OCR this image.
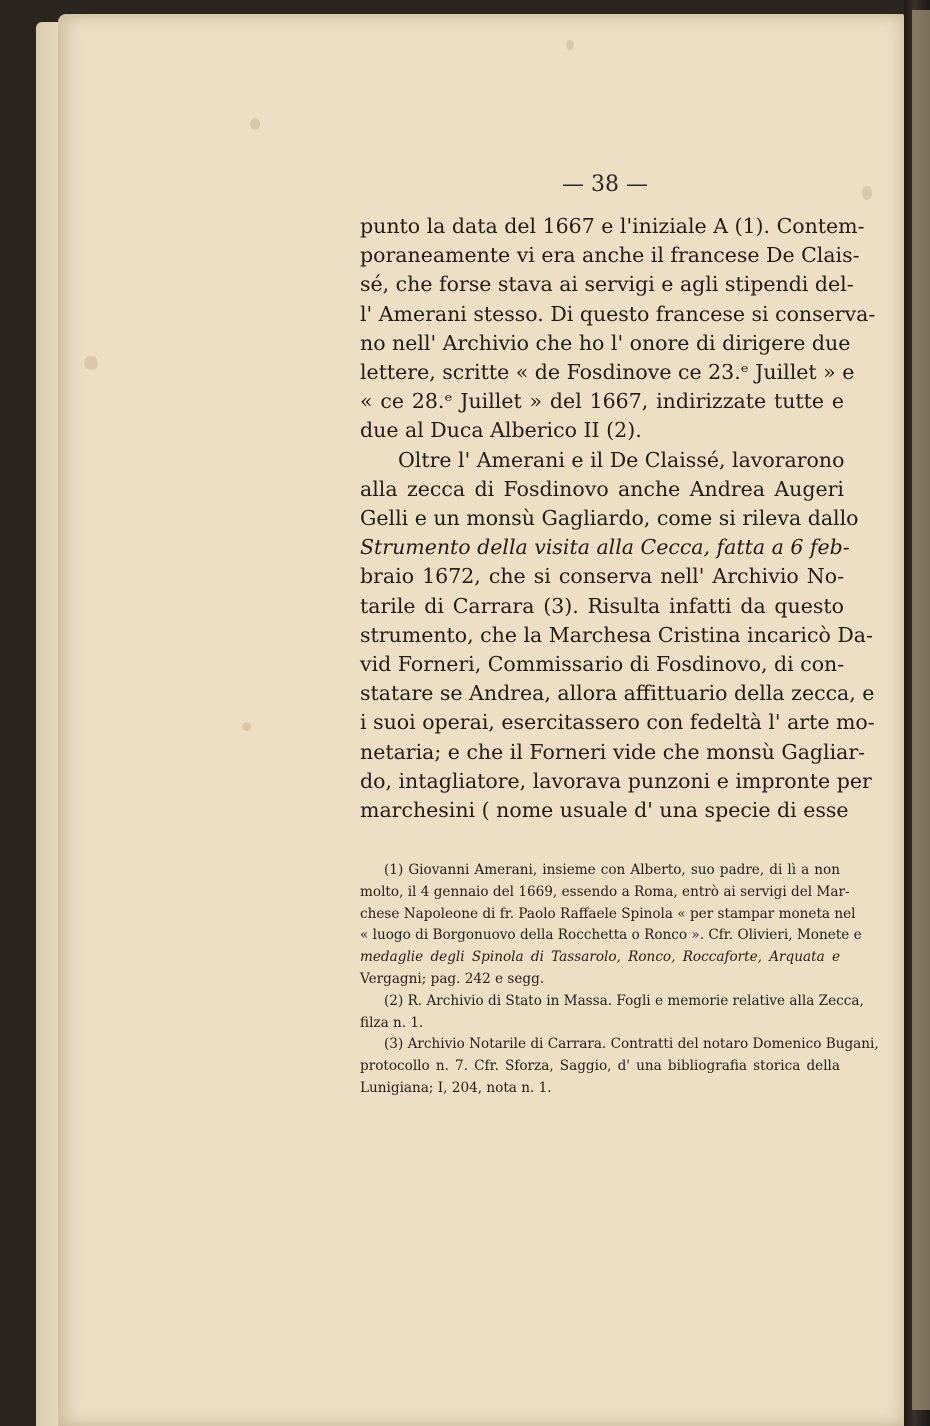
— 38 —
punto la data del 1667 e l'iniziale A (1). Contem-
poraneamente vi era anche il francese De Clais-
sé, che forse stava ai servigi e agli stipendi del-
l' Amerani stesso. Di questo francese si conserva-
no nell' Archivio che ho l' onore di dirigere due
lettere, scritte « de Fosdinove ce 23.ᵉ Juillet » e
« ce 28.ᵉ Juillet » del 1667, indirizzate tutte e
due al Duca Alberico II (2).
Oltre l' Amerani e il De Claissé, lavorarono
alla zecca di Fosdinovo anche Andrea Augeri
Gelli e un monsù Gagliardo, come si rileva dallo
Strumento della visita alla Cecca, fatta a 6 feb-
braio 1672, che si conserva nell' Archivio No-
tarile di Carrara (3). Risulta infatti da questo
strumento, che la Marchesa Cristina incaricò Da-
vid Forneri, Commissario di Fosdinovo, di con-
statare se Andrea, allora affittuario della zecca, e
i suoi operai, esercitassero con fedeltà l' arte mo-
netaria; e che il Forneri vide che monsù Gagliar-
do, intagliatore, lavorava punzoni e impronte per
marchesini ( nome usuale d' una specie di esse
(1) Giovanni Amerani, insieme con Alberto, suo padre, di lì a non
molto, il 4 gennaio del 1669, essendo a Roma, entrò ai servigi del Mar-
chese Napoleone di fr. Paolo Raffaele Spinola « per stampar moneta nel
« luogo di Borgonuovo della Rocchetta o Ronco ». Cfr. Olivieri, Monete e
medaglie degli Spinola di Tassarolo, Ronco, Roccaforte, Arquata e
Vergagni; pag. 242 e segg.
(2) R. Archivio di Stato in Massa. Fogli e memorie relative alla Zecca,
filza n. 1.
(3) Archivio Notarile di Carrara. Contratti del notaro Domenico Bugani,
protocollo n. 7. Cfr. Sforza, Saggio, d' una bibliografia storica della
Lunigiana; I, 204, nota n. 1.
